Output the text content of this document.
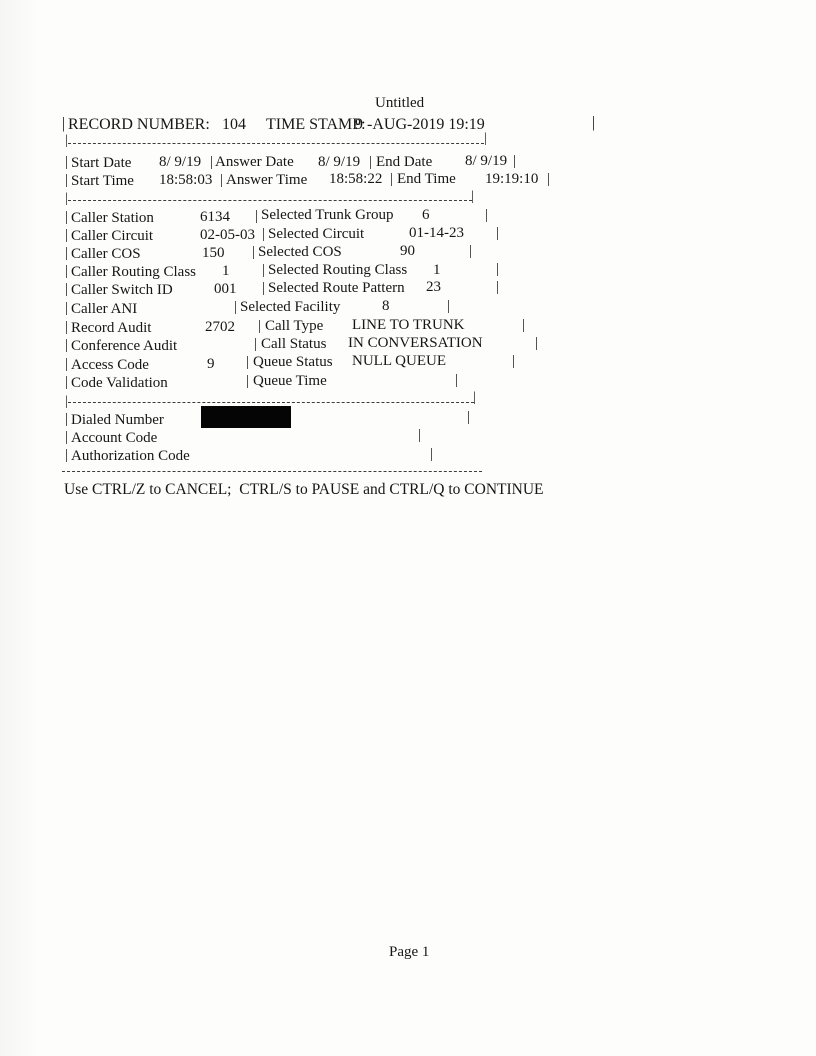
Untitled
| RECORD NUMBER: 104 TIME STAMP:
9 -AUG-2019 19:19	|
|	|
| Start Date 8/ 9/19 | Answer Date 8/ 9/19 | End Date 8/ 9/19 |
| Start Time 18:58:03 | Answer Time 18:58:22 | End Time 19:19:10 |
|	|
| Caller Station	6134 | Selected Trunk Group 6	|
| Caller Circuit	02-05-03 | Selected Circuit	01-14-23 |
| Caller COS	150 | Selected COS	90	|
| Caller Routing Class 1 | Selected Routing Class 1	|
| Caller Switch ID	001 | Selected Route Pattern 23	|
| Caller ANI	| Selected Facility	8	|
| Record Audit	2702 | Call Type LINE TO TRUNK	|
| Conference Audit	| Call Status IN CONVERSATION	|
| Access Code	9 | Queue Status NULL QUEUE	|
| Code Validation	| Queue Time	|
|	|
| Dialed Number	|
| Account Code	|
| Authorization Code	|
Use CTRL/Z to CANCEL;  CTRL/S to PAUSE and CTRL/Q to CONTINUE
Page 1
